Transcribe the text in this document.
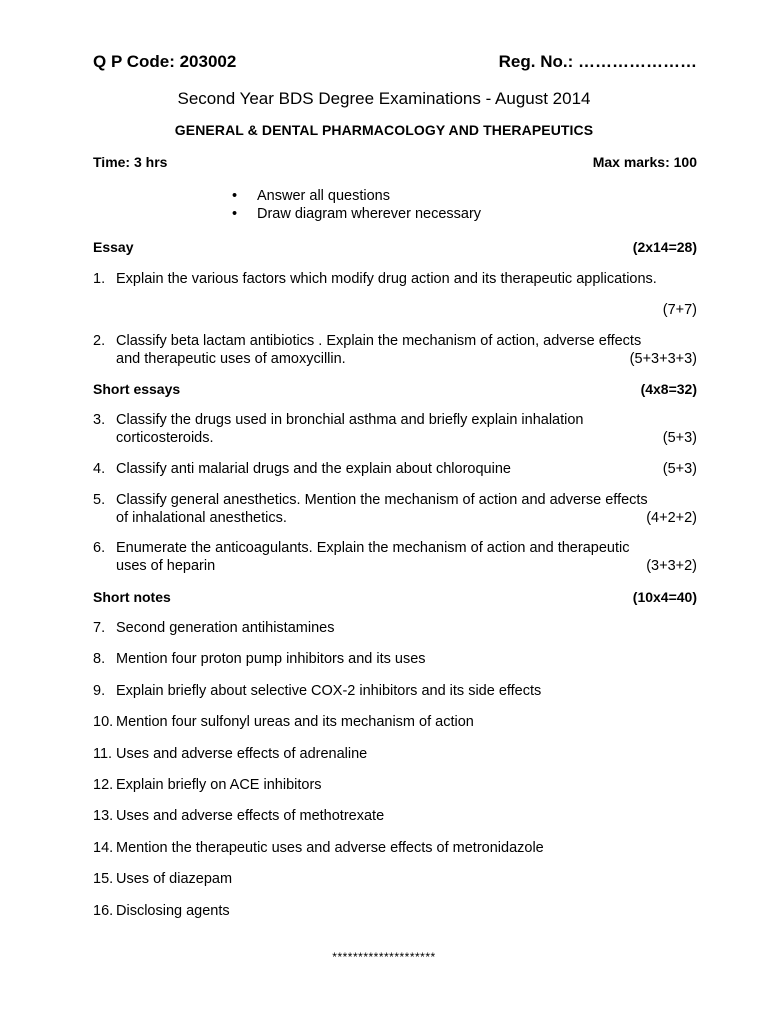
Q P Code: 203002	Reg. No.: …………………
Second Year BDS Degree Examinations - August 2014
GENERAL & DENTAL PHARMACOLOGY AND THERAPEUTICS
Time: 3 hrs	Max marks: 100
• Answer all questions
• Draw diagram wherever necessary
Essay	(2x14=28)
1. Explain the various factors which modify drug action and its therapeutic applications.
(7+7)
2. Classify beta lactam antibiotics . Explain the mechanism of action, adverse effects
and therapeutic uses of amoxycillin.	(5+3+3+3)
Short essays	(4x8=32)
3. Classify the drugs used in bronchial asthma and briefly explain inhalation
corticosteroids.	(5+3)
4. Classify anti malarial drugs and the explain about chloroquine	(5+3)
5. Classify general anesthetics. Mention the mechanism of action and adverse effects
of inhalational anesthetics.	(4+2+2)
6. Enumerate the anticoagulants. Explain the mechanism of action and therapeutic
uses of heparin	(3+3+2)
Short notes	(10x4=40)
7. Second generation antihistamines
8. Mention four proton pump inhibitors and its uses
9. Explain briefly about selective COX-2 inhibitors and its side effects
10. Mention four sulfonyl ureas and its mechanism of action
11. Uses and adverse effects of adrenaline
12. Explain briefly on ACE inhibitors
13. Uses and adverse effects of methotrexate
14. Mention the therapeutic uses and adverse effects of metronidazole
15. Uses of diazepam
16. Disclosing agents
********************
